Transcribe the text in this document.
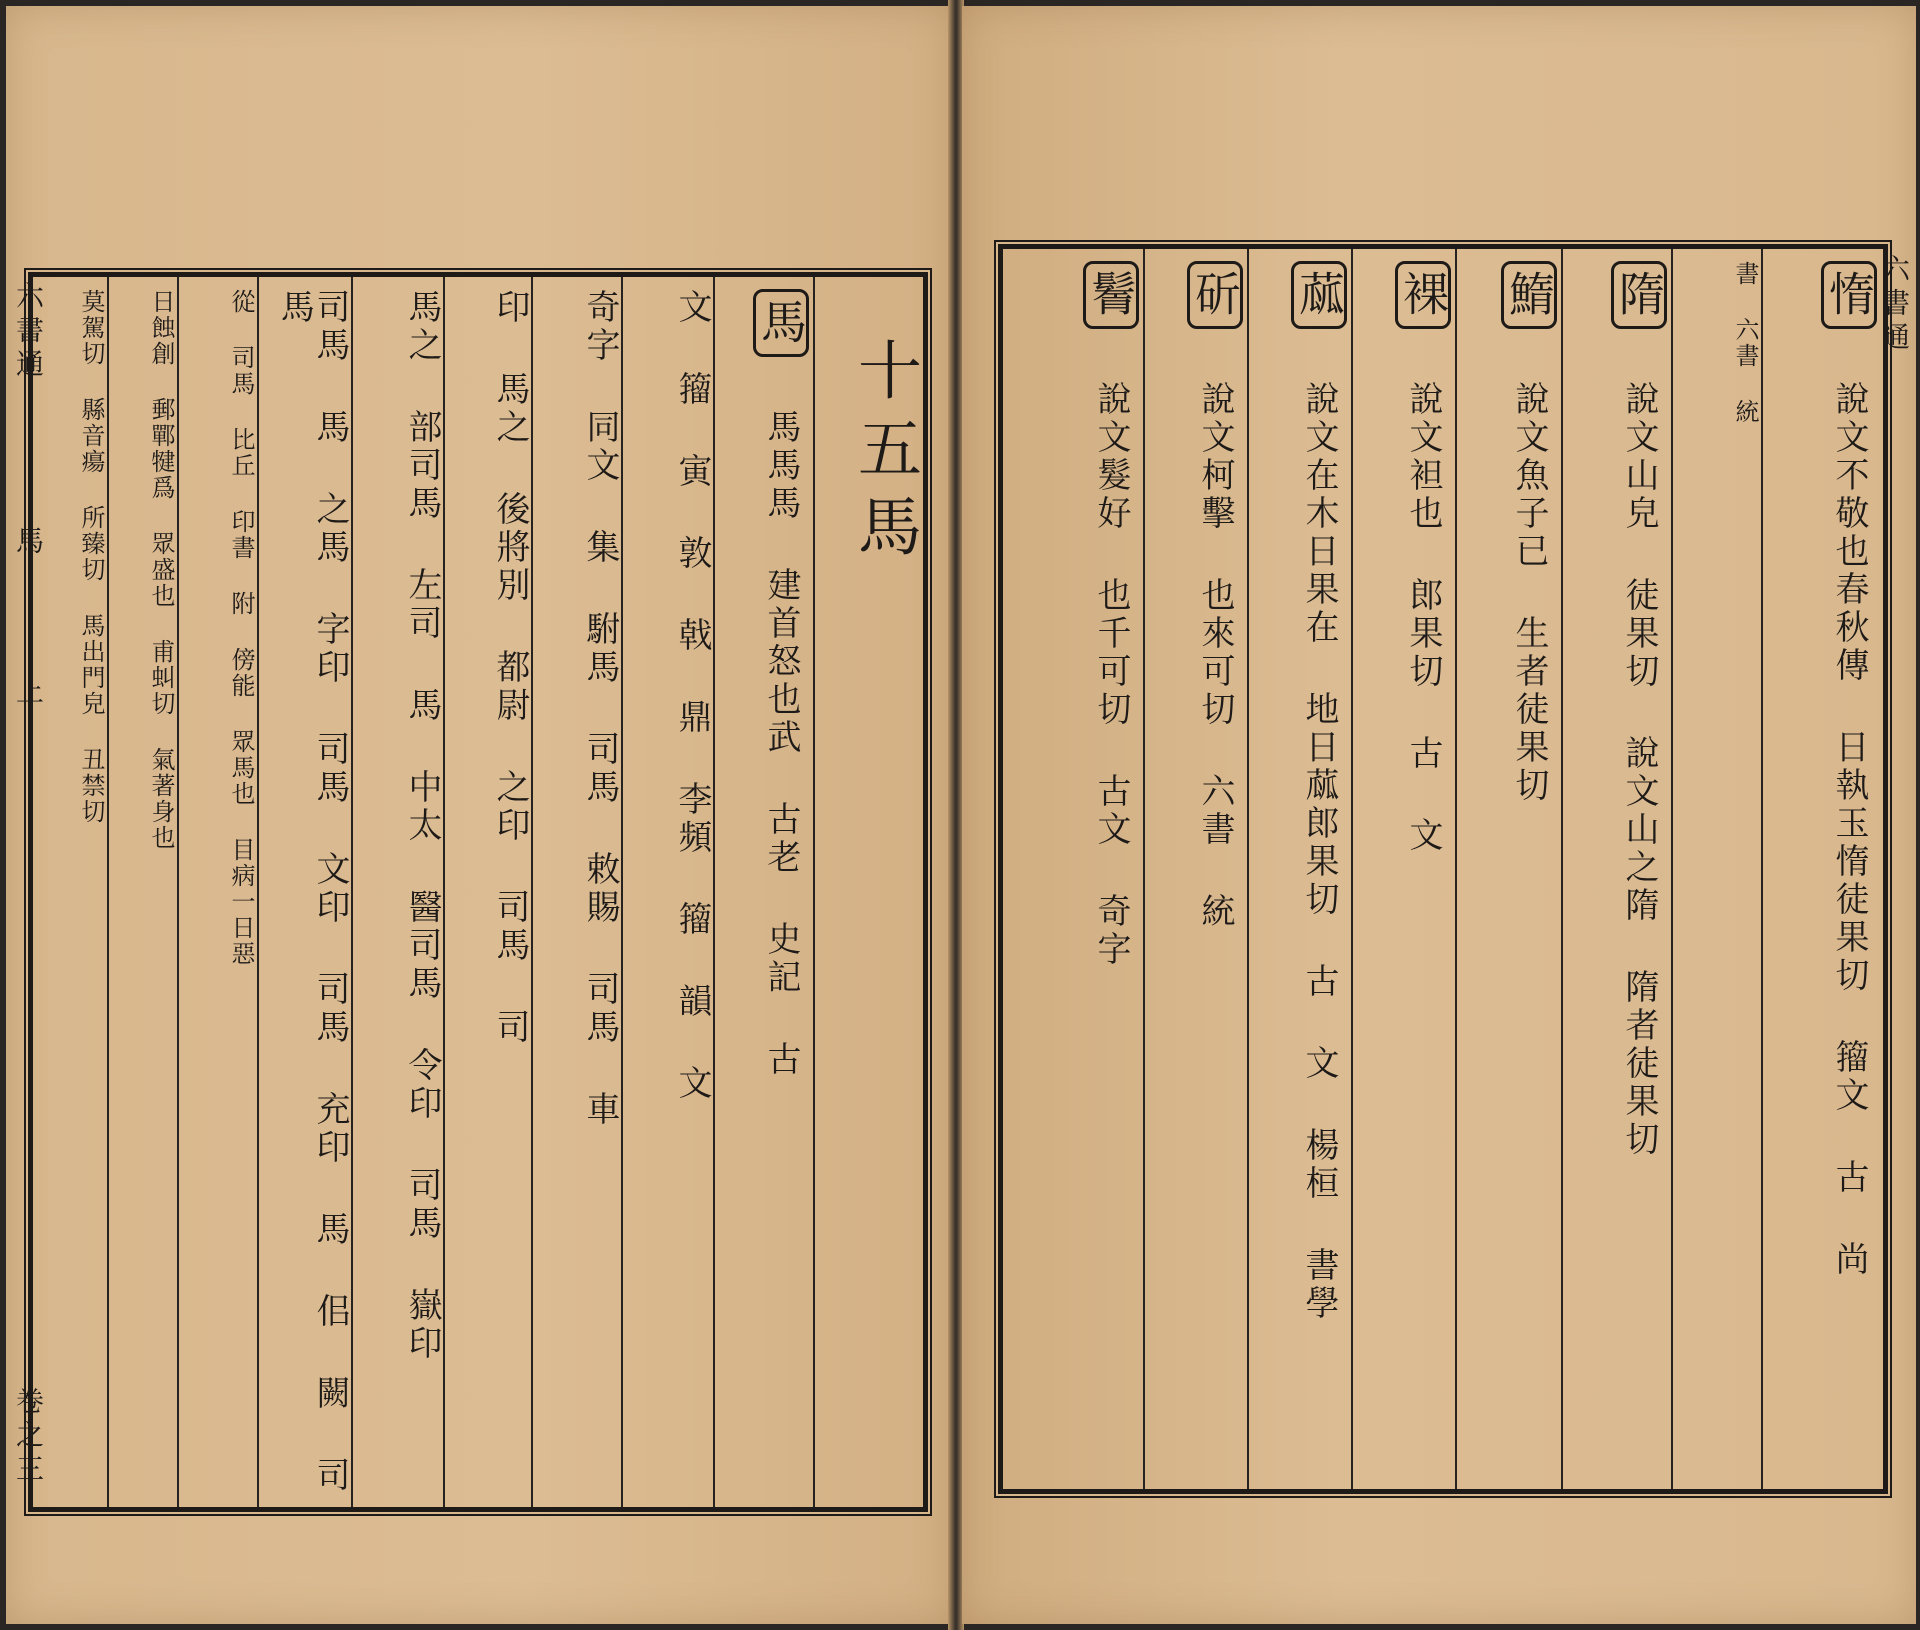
十五馬
馬 馬馬馬 建首怒也武 古老 史記 古
文 籀 寅 敦 戟 鼎 李頻 籀 韻 文
奇字 同文 集 駙馬 司馬 敕賜 司馬 車
印 馬之 後將別 都尉 之印 司馬 司
馬之 部司馬 左司 馬 中太 醫司馬 令印 司馬 嶽印
司馬 馬 之馬 字印 司馬 文印 司馬 充印 馬 佀 闕 司馬
從 司馬 比丘 印書 附 傍能 眾馬也 目病一日惡
日蝕創 郵鄲犍爲 眾盛也 甫虯切 氣著身也
莫駕切 縣音瘍 所臻切 馬出門皃 丑禁切
六書通
馬
上
卷之三
惰 說文不敬也春秋傳 日執玉惰徒果切 籀文 古 尚
書 六書 統
隋 說文山皃 徒果切 說文山之隋 隋者徒果切
鰖 說文魚子已 生者徒果切
裸 說文袒也 郎果切 古 文
蓏 說文在木日果在 地日蓏郎果切 古 文 楊桓 書學
斫 說文柯擊 也來可切 六書 統
鬌 說文髮好 也千可切 古文 奇字
六書通
